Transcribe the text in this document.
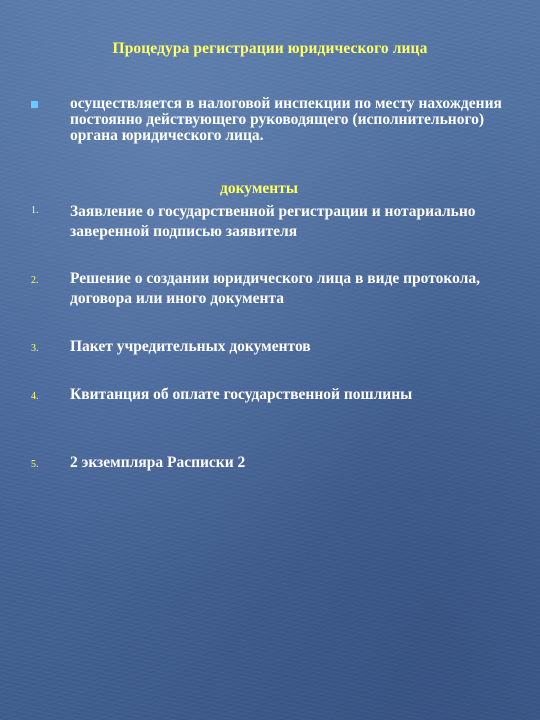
Процедура регистрации юридического лица
осуществляется в налоговой инспекции по месту нахождения постоянно действующего руководящего (исполнительного) органа юридического лица.
документы
1. Заявление о государственной регистрации и нотариально заверенной подписью заявителя
2. Решение о создании юридического лица в виде протокола, договора или иного документа
3. Пакет учредительных документов
4. Квитанция об оплате государственной пошлины
5. 2 экземпляра Расписки 2
